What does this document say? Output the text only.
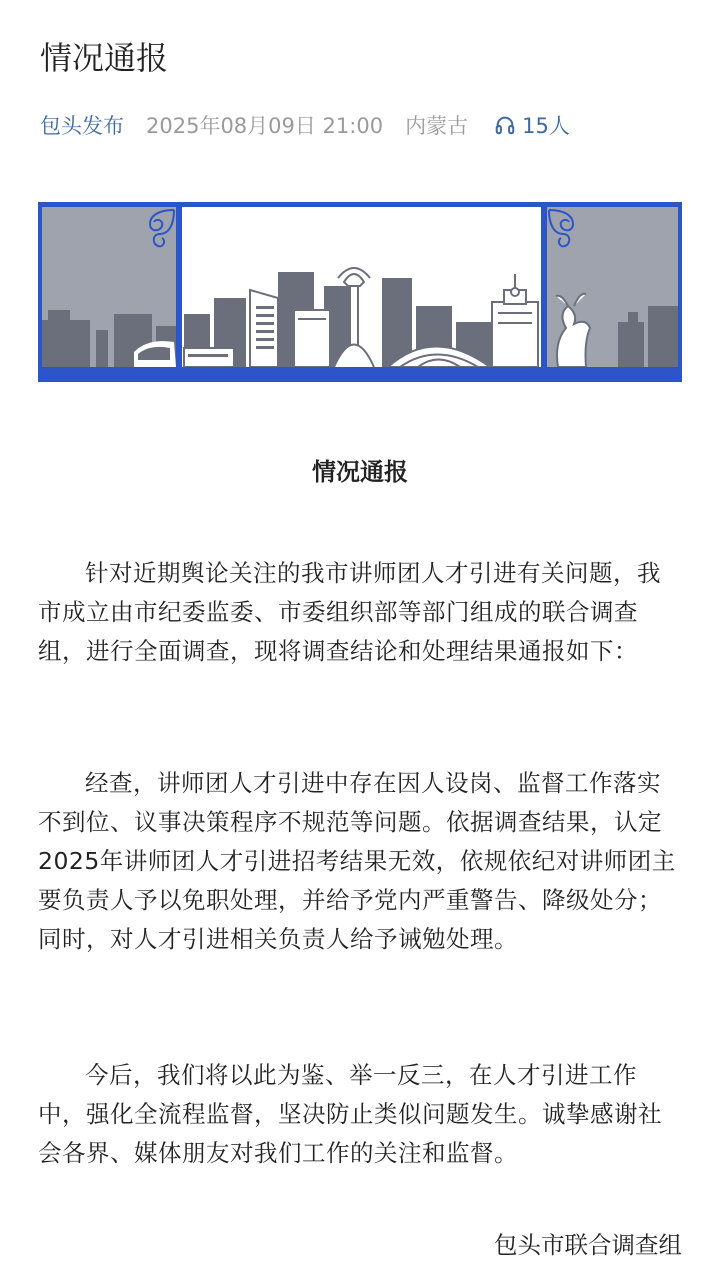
情况通报
包头发布 2025年08月09日 21:00 内蒙古	15人
情况通报

针对近期舆论关注的我市讲师团人才引进有关问题，我市成立由市纪委监委、市委组织部等部门组成的联合调查组，进行全面调查，现将调查结论和处理结果通报如下：

经查，讲师团人才引进中存在因人设岗、监督工作落实不到位、议事决策程序不规范等问题。依据调查结果，认定2025年讲师团人才引进招考结果无效，依规依纪对讲师团主要负责人予以免职处理，并给予党内严重警告、降级处分；同时，对人才引进相关负责人给予诫勉处理。

今后，我们将以此为鉴、举一反三，在人才引进工作中，强化全流程监督，坚决防止类似问题发生。诚挚感谢社会各界、媒体朋友对我们工作的关注和监督。

包头市联合调查组
